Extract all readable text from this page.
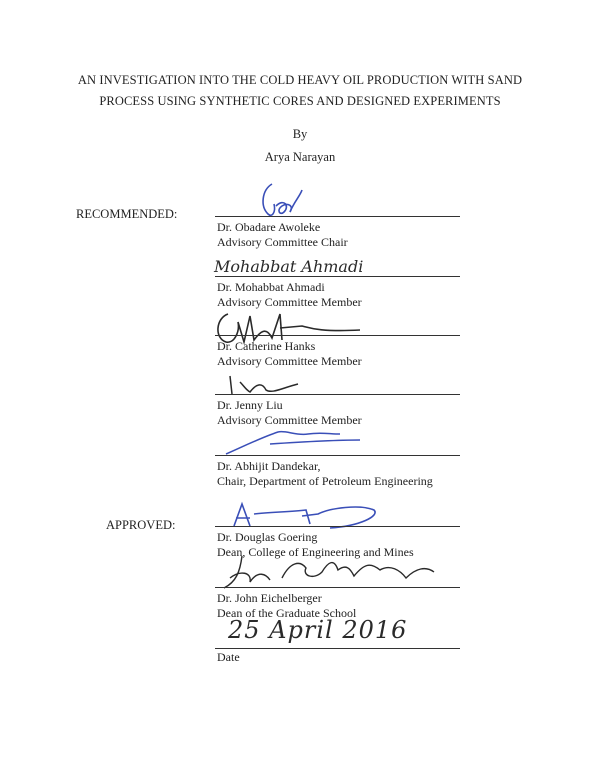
AN INVESTIGATION INTO THE COLD HEAVY OIL PRODUCTION WITH SAND
PROCESS USING SYNTHETIC CORES AND DESIGNED EXPERIMENTS
By
Arya Narayan
RECOMMENDED:
Dr. Obadare Awoleke
Advisory Committee Chair
Mohabbat Ahmadi
Dr. Mohabbat Ahmadi
Advisory Committee Member
Dr. Catherine Hanks
Advisory Committee Member
Dr. Jenny Liu
Advisory Committee Member
Dr. Abhijit Dandekar,
Chair, Department of Petroleum Engineering
APPROVED:
Dr. Douglas Goering
Dean, College of Engineering and Mines
Dr. John Eichelberger
Dean of the Graduate School
25 April 2016
Date
